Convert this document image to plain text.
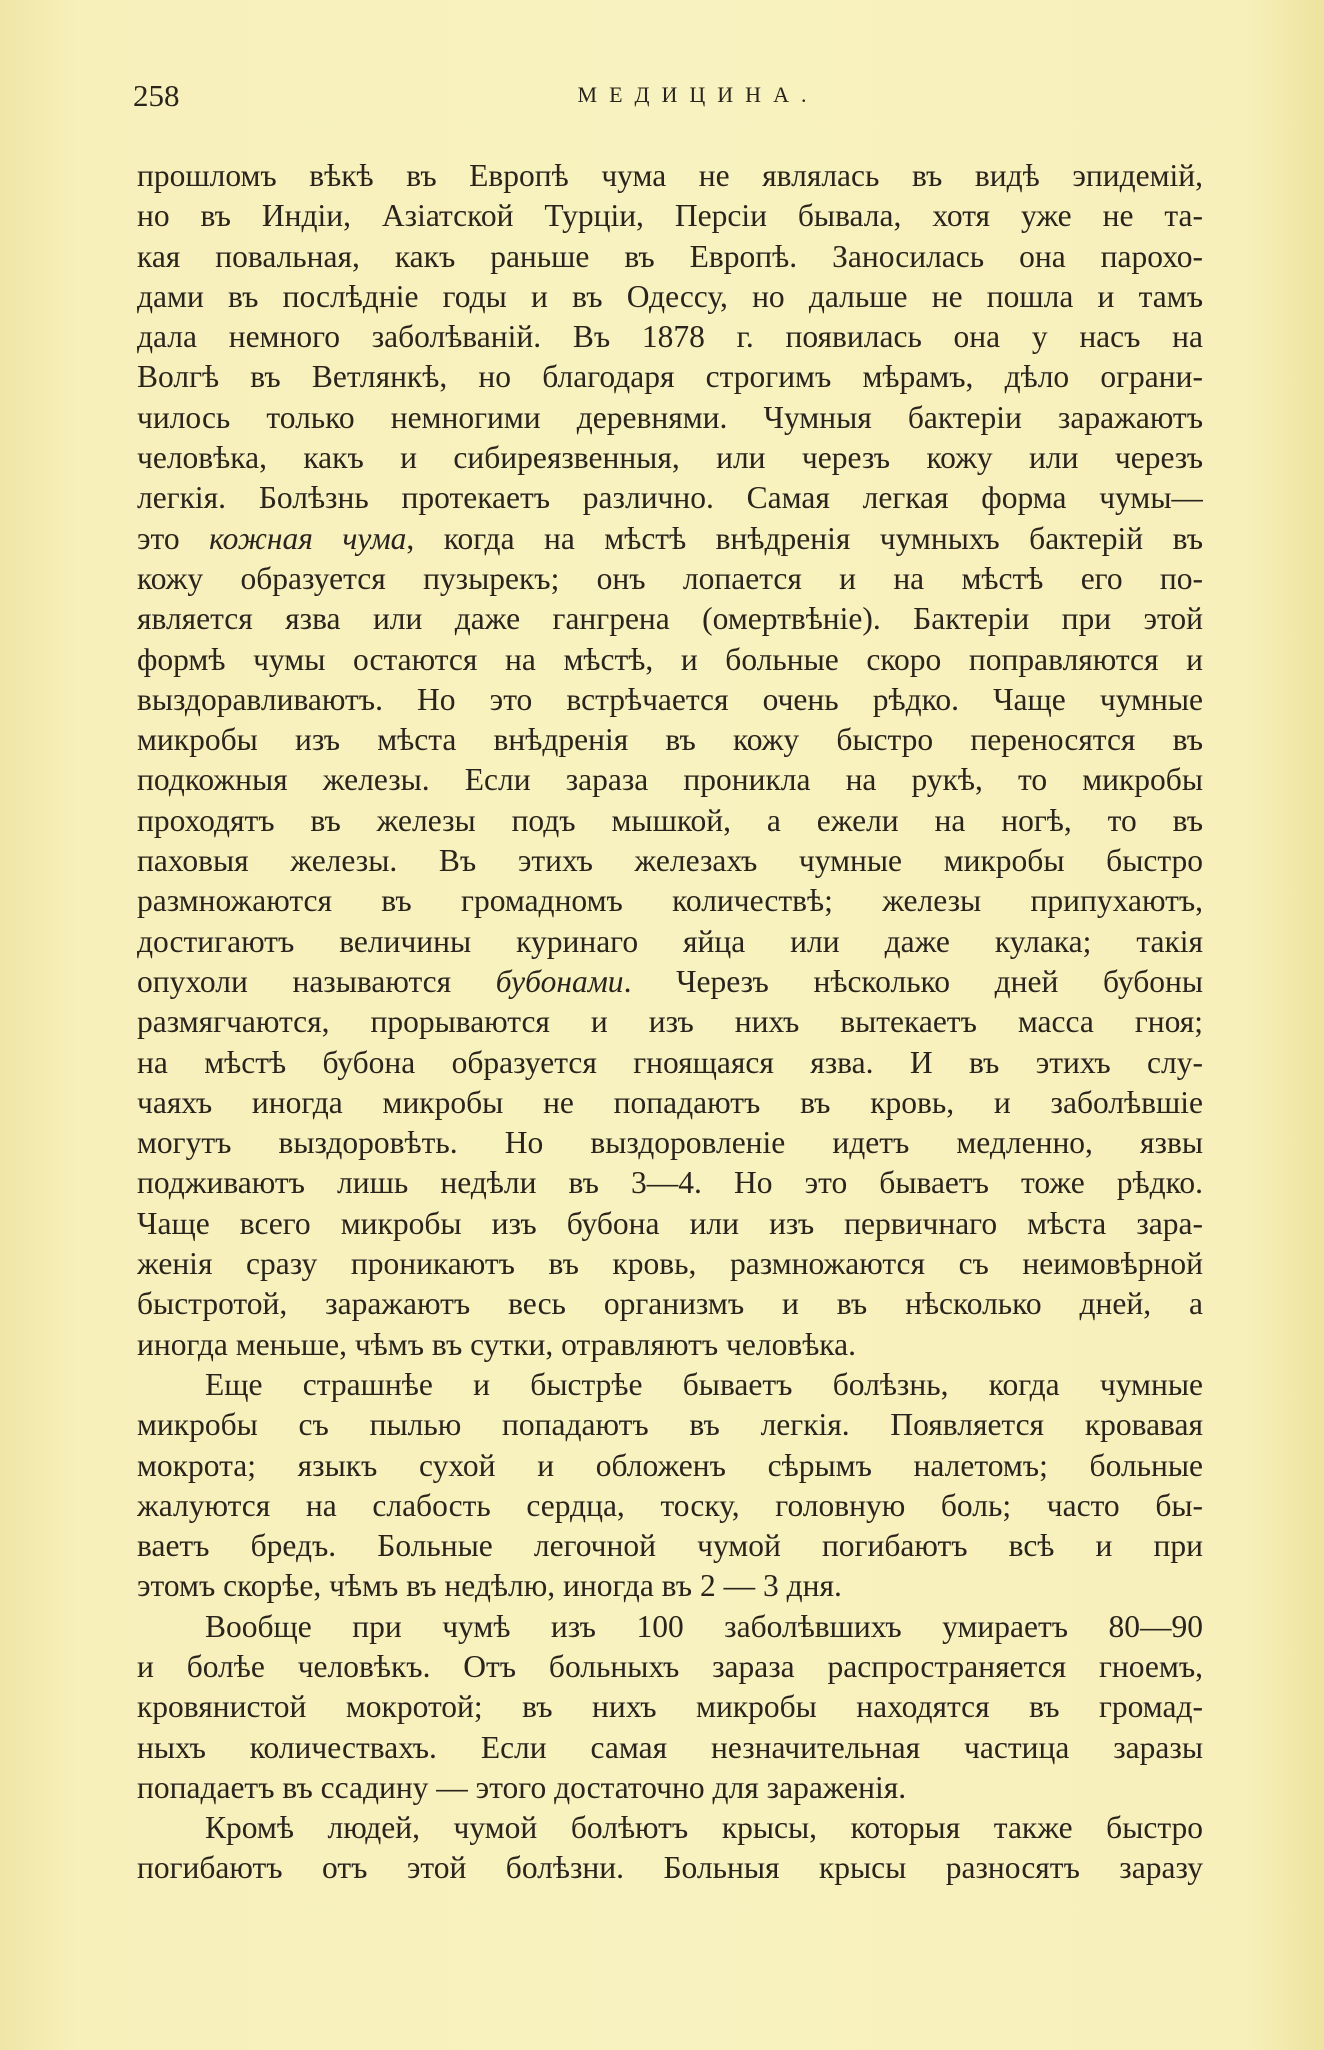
258	МЕДИЦИНА.
прошломъ вѣкѣ въ Европѣ чума не являлась въ видѣ эпидемій,
но въ Индіи, Азіатской Турціи, Персіи бывала, хотя уже не та-
кая повальная, какъ раньше въ Европѣ. Заносилась она парохо-
дами въ послѣдніе годы и въ Одессу, но дальше не пошла и тамъ
дала немного заболѣваній. Въ 1878 г. появилась она у насъ на
Волгѣ въ Ветлянкѣ, но благодаря строгимъ мѣрамъ, дѣло ограни-
чилось только немногими деревнями. Чумныя бактеріи заражаютъ
человѣка, какъ и сибиреязвенныя, или черезъ кожу или черезъ
легкія. Болѣзнь протекаетъ различно. Самая легкая форма чумы—
это кожная чума, когда на мѣстѣ внѣдренія чумныхъ бактерій въ
кожу образуется пузырекъ; онъ лопается и на мѣстѣ его по-
является язва или даже гангрена (омертвѣніе). Бактеріи при этой
формѣ чумы остаются на мѣстѣ, и больные скоро поправляются и
выздоравливаютъ. Но это встрѣчается очень рѣдко. Чаще чумные
микробы изъ мѣста внѣдренія въ кожу быстро переносятся въ
подкожныя железы. Если зараза проникла на рукѣ, то микробы
проходятъ въ железы подъ мышкой, а ежели на ногѣ, то въ
паховыя железы. Въ этихъ железахъ чумные микробы быстро
размножаются въ громадномъ количествѣ; железы припухаютъ,
достигаютъ величины куринаго яйца или даже кулака; такія
опухоли называются бубонами. Черезъ нѣсколько дней бубоны
размягчаются, прорываются и изъ нихъ вытекаетъ масса гноя;
на мѣстѣ бубона образуется гноящаяся язва. И въ этихъ слу-
чаяхъ иногда микробы не попадаютъ въ кровь, и заболѣвшіе
могутъ выздоровѣть. Но выздоровленіе идетъ медленно, язвы
подживаютъ лишь недѣли въ 3—4. Но это бываетъ тоже рѣдко.
Чаще всего микробы изъ бубона или изъ первичнаго мѣста зара-
женія сразу проникаютъ въ кровь, размножаются съ неимовѣрной
быстротой, заражаютъ весь организмъ и въ нѣсколько дней, а
иногда меньше, чѣмъ въ сутки, отравляютъ человѣка.
Еще страшнѣе и быстрѣе бываетъ болѣзнь, когда чумные
микробы съ пылью попадаютъ въ легкія. Появляется кровавая
мокрота; языкъ сухой и обложенъ сѣрымъ налетомъ; больные
жалуются на слабость сердца, тоску, головную боль; часто бы-
ваетъ бредъ. Больные легочной чумой погибаютъ всѣ и при
этомъ скорѣе, чѣмъ въ недѣлю, иногда въ 2 — 3 дня.
Вообще при чумѣ изъ 100 заболѣвшихъ умираетъ 80—90
и болѣе человѣкъ. Отъ больныхъ зараза распространяется гноемъ,
кровянистой мокротой; въ нихъ микробы находятся въ громад-
ныхъ количествахъ. Если самая незначительная частица заразы
попадаетъ въ ссадину — этого достаточно для зараженія.
Кромѣ людей, чумой болѣютъ крысы, которыя также быстро
погибаютъ отъ этой болѣзни. Больныя крысы разносятъ заразу
